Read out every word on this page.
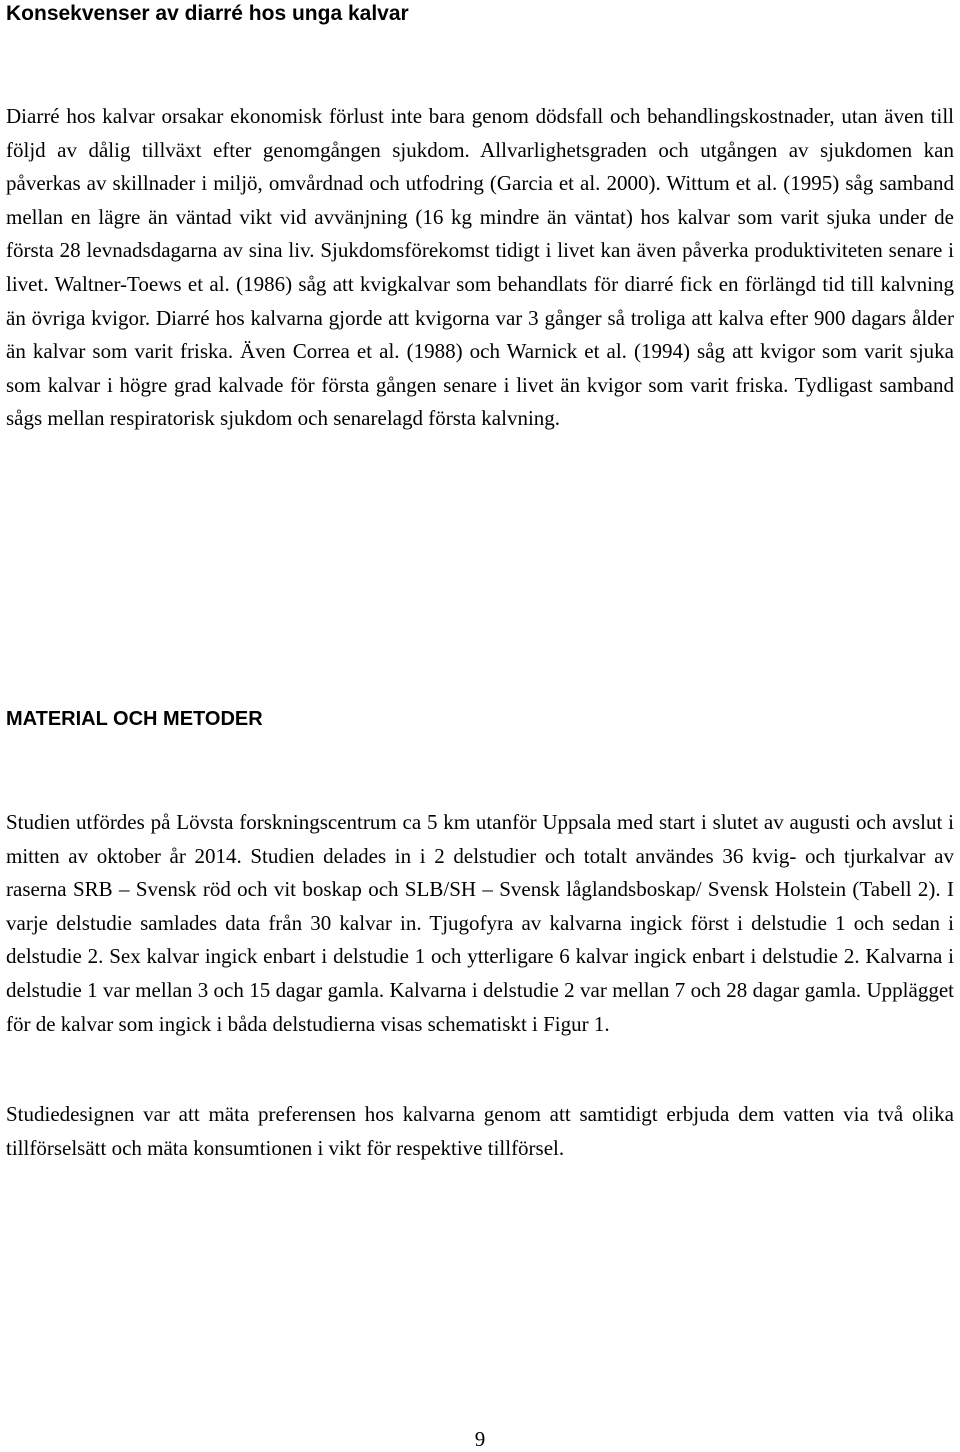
Konsekvenser av diarré hos unga kalvar

Diarré hos kalvar orsakar ekonomisk förlust inte bara genom dödsfall och behandlingskostnader, utan även till följd av dålig tillväxt efter genomgången sjukdom. Allvarlighetsgraden och utgången av sjukdomen kan påverkas av skillnader i miljö, omvårdnad och utfodring (Garcia et al. 2000). Wittum et al. (1995) såg samband mellan en lägre än väntad vikt vid avvänjning (16 kg mindre än väntat) hos kalvar som varit sjuka under de första 28 levnadsdagarna av sina liv. Sjukdomsförekomst tidigt i livet kan även påverka produktiviteten senare i livet. Waltner-Toews et al. (1986) såg att kvigkalvar som behandlats för diarré fick en förlängd tid till kalvning än övriga kvigor. Diarré hos kalvarna gjorde att kvigorna var 3 gånger så troliga att kalva efter 900 dagars ålder än kalvar som varit friska. Även Correa et al. (1988) och Warnick et al. (1994) såg att kvigor som varit sjuka som kalvar i högre grad kalvade för första gången senare i livet än kvigor som varit friska. Tydligast samband sågs mellan respiratorisk sjukdom och senarelagd första kalvning.

MATERIAL OCH METODER

Studien utfördes på Lövsta forskningscentrum ca 5 km utanför Uppsala med start i slutet av augusti och avslut i mitten av oktober år 2014. Studien delades in i 2 delstudier och totalt användes 36 kvig- och tjurkalvar av raserna SRB – Svensk röd och vit boskap och SLB/SH – Svensk låglandsboskap/ Svensk Holstein (Tabell 2). I varje delstudie samlades data från 30 kalvar in. Tjugofyra av kalvarna ingick först i delstudie 1 och sedan i delstudie 2. Sex kalvar ingick enbart i delstudie 1 och ytterligare 6 kalvar ingick enbart i delstudie 2. Kalvarna i delstudie 1 var mellan 3 och 15 dagar gamla. Kalvarna i delstudie 2 var mellan 7 och 28 dagar gamla. Upplägget för de kalvar som ingick i båda delstudierna visas schematiskt i Figur 1.

Studiedesignen var att mäta preferensen hos kalvarna genom att samtidigt erbjuda dem vatten via två olika tillförselsätt och mäta konsumtionen i vikt för respektive tillförsel.

9
